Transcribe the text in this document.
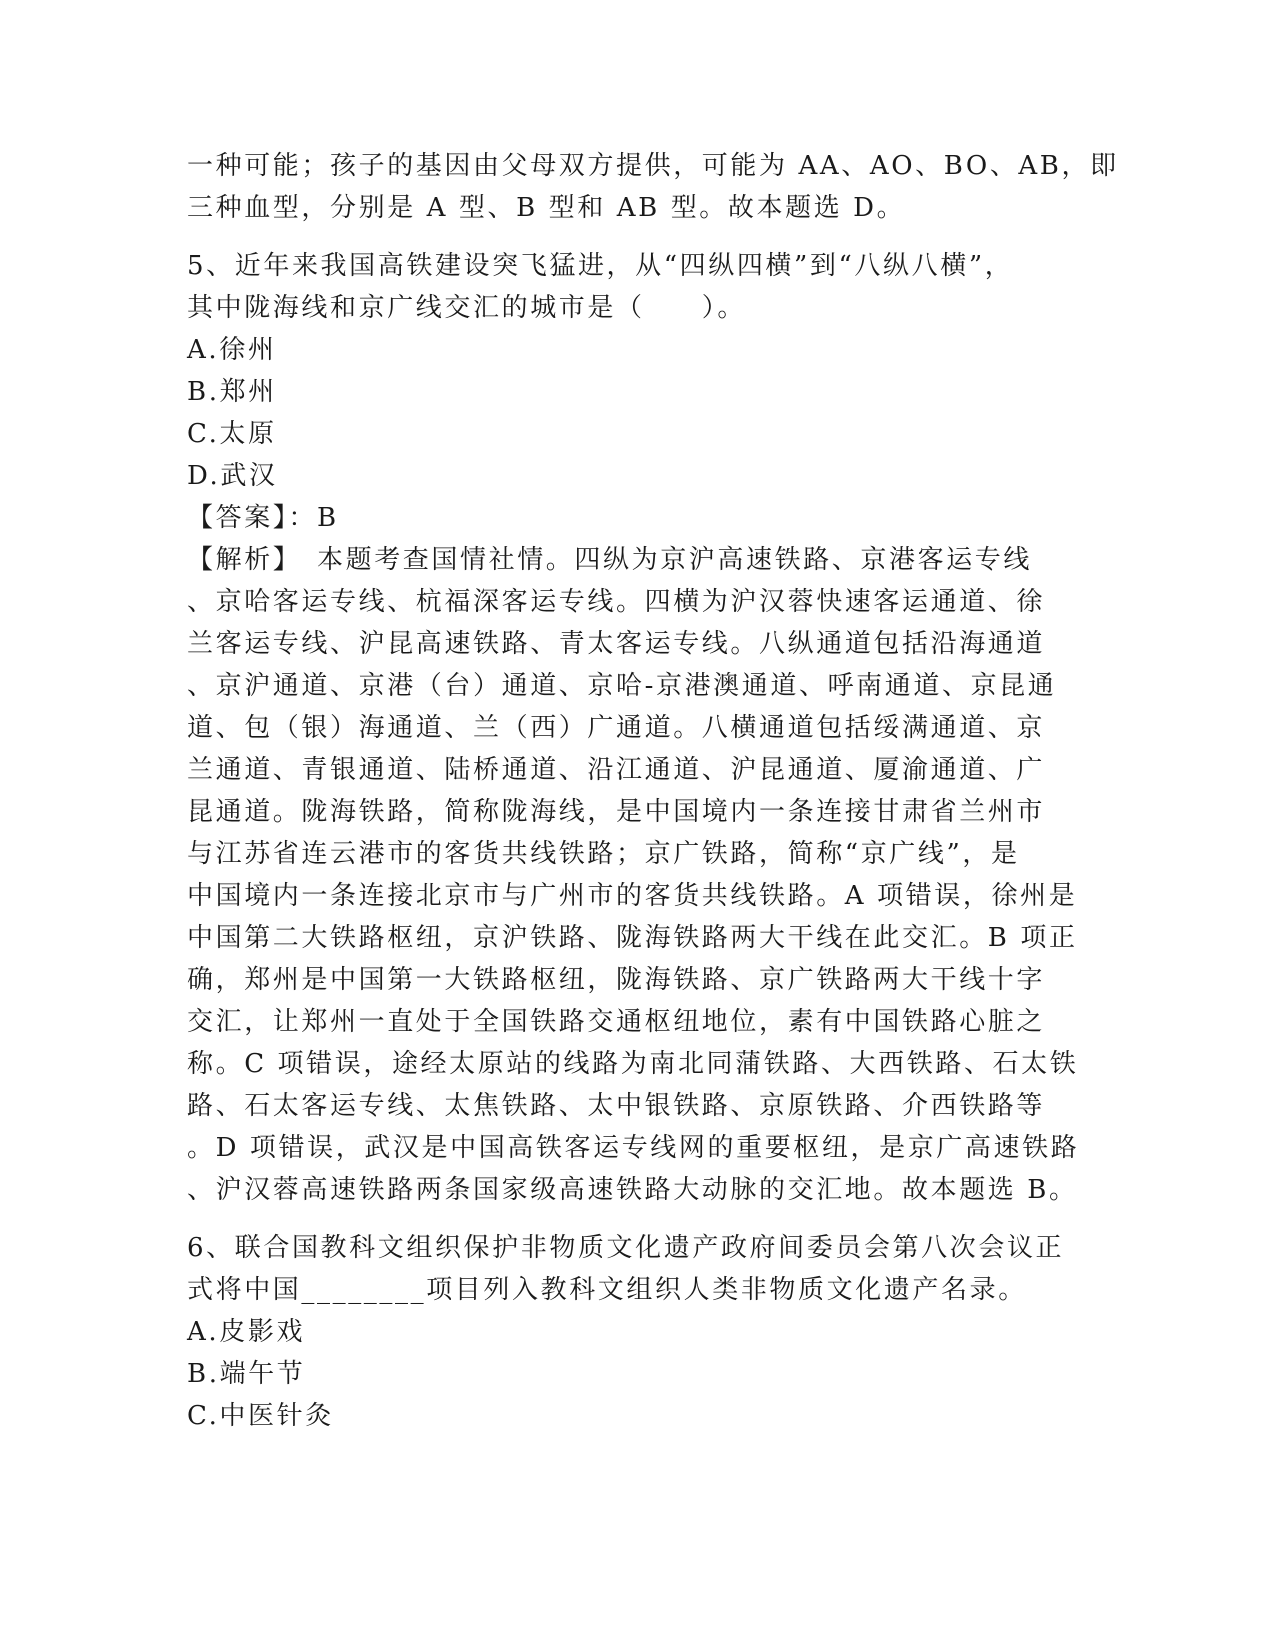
一种可能；孩子的基因由父母双方提供，可能为 AA、AO、BO、AB，即
三种血型，分别是 A 型、B 型和 AB 型。故本题选 D。
5、近年来我国高铁建设突飞猛进，从“四纵四横”到“八纵八横”，
其中陇海线和京广线交汇的城市是（　　）。
A.徐州
B.郑州
C.太原
D.武汉
【答案】：B
【解析】　本题考查国情社情。四纵为京沪高速铁路、京港客运专线
、京哈客运专线、杭福深客运专线。四横为沪汉蓉快速客运通道、徐
兰客运专线、沪昆高速铁路、青太客运专线。八纵通道包括沿海通道
、京沪通道、京港（台）通道、京哈-京港澳通道、呼南通道、京昆通
道、包（银）海通道、兰（西）广通道。八横通道包括绥满通道、京
兰通道、青银通道、陆桥通道、沿江通道、沪昆通道、厦渝通道、广
昆通道。陇海铁路，简称陇海线，是中国境内一条连接甘肃省兰州市
与江苏省连云港市的客货共线铁路；京广铁路，简称“京广线”，是
中国境内一条连接北京市与广州市的客货共线铁路。A 项错误，徐州是
中国第二大铁路枢纽，京沪铁路、陇海铁路两大干线在此交汇。B 项正
确，郑州是中国第一大铁路枢纽，陇海铁路、京广铁路两大干线十字
交汇，让郑州一直处于全国铁路交通枢纽地位，素有中国铁路心脏之
称。C 项错误，途经太原站的线路为南北同蒲铁路、大西铁路、石太铁
路、石太客运专线、太焦铁路、太中银铁路、京原铁路、介西铁路等
。D 项错误，武汉是中国高铁客运专线网的重要枢纽，是京广高速铁路
、沪汉蓉高速铁路两条国家级高速铁路大动脉的交汇地。故本题选 B。
6、联合国教科文组织保护非物质文化遗产政府间委员会第八次会议正
式将中国________项目列入教科文组织人类非物质文化遗产名录。
A.皮影戏
B.端午节
C.中医针灸
